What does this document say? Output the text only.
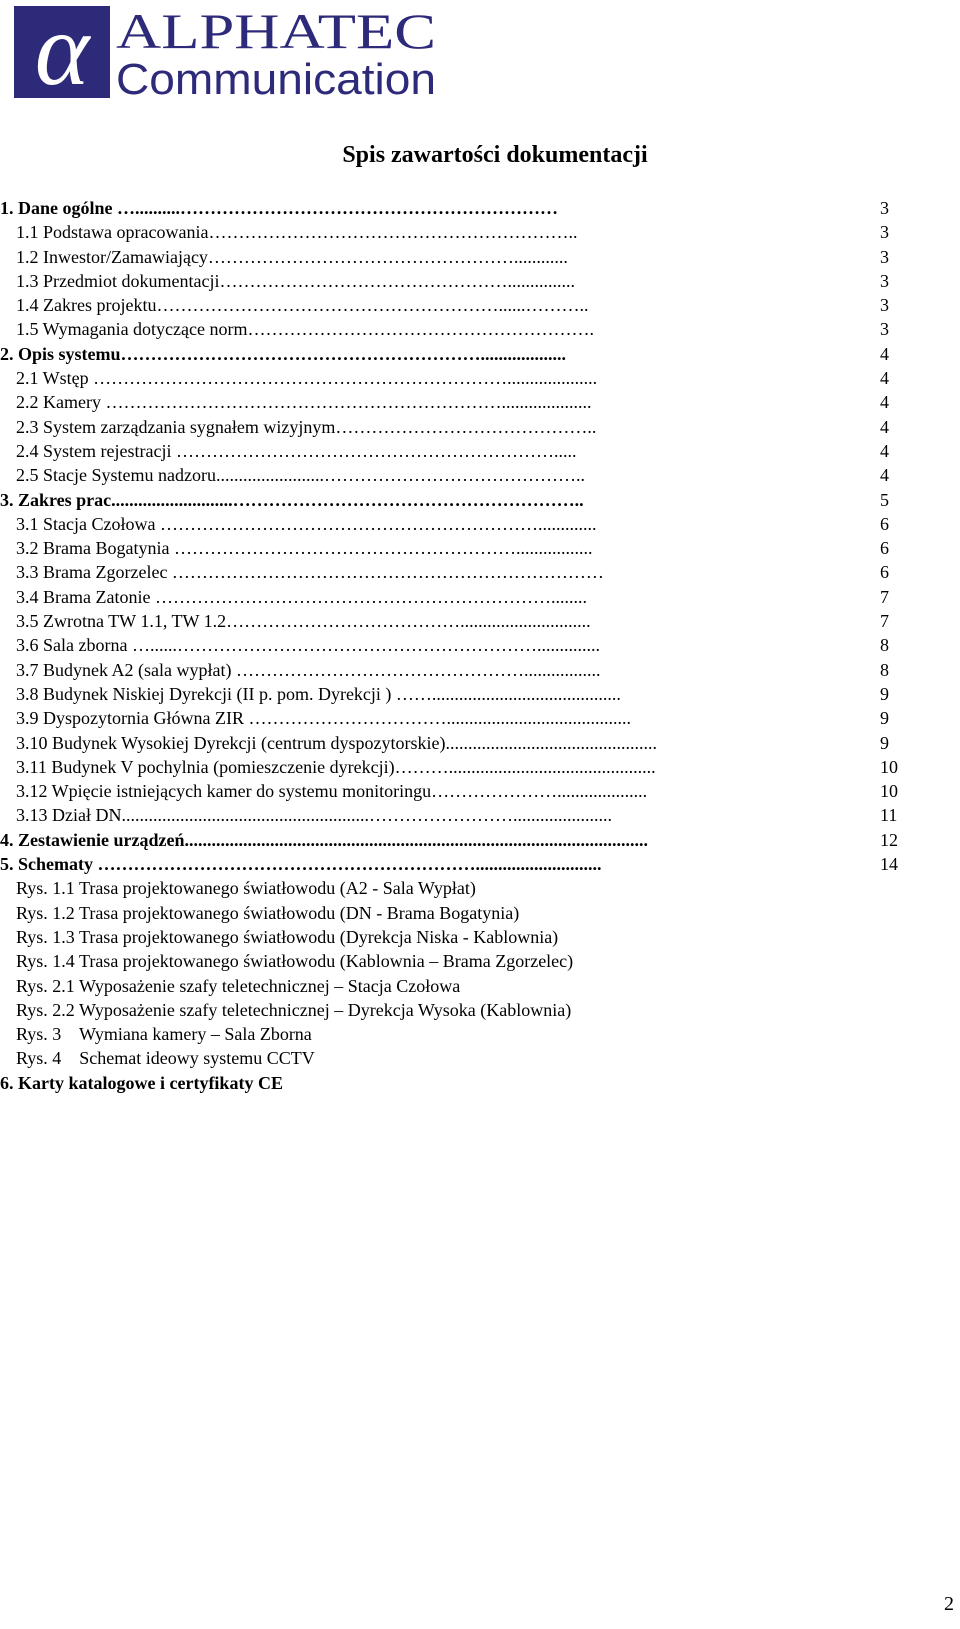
α ALPHATEC
Communication
Spis zawartości dokumentacji
1. Dane ogólne …..........………………………………………………………	3
1.1 Podstawa opracowania……………………………………………………..	3
1.2 Inwestor/Zamawiający……………………………………………............	3
1.3 Przedmiot dokumentacji…………………………………………...............	3
1.4 Zakres projektu…………………………………………………......………..	3
1.5 Wymagania dotyczące norm………………………………………………….	3
2. Opis systemu……………………………………………………...................	4
2.1 Wstęp ……………………………………………………………....................	4
2.2 Kamery …………………………………………………………....................	4
2.3 System zarządzania sygnałem wizyjnym……………………………………..	4
2.4 System rejestracji ……………………………………………………….....	4
2.5 Stacje Systemu nadzoru........................……………………………………..	4
3. Zakres prac...........................…………………………………………………..	5
3.1 Stacja Czołowa ……………………………………………………….............	6
3.2 Brama Bogatynia ………………………………………………….................	6
3.3 Brama Zgorzelec ………………………………………………………………	6
3.4 Brama Zatonie …………………………………………………………........	7
3.5 Zwrotna TW 1.1, TW 1.2………………………………….............................	7
3.6 Sala zborna …......……………………………………………………..............	8
3.7 Budynek A2 (sala wypłat) ………………………………………….................	8
3.8 Budynek Niskiej Dyrekcji (II p. pom. Dyrekcji ) ……..........................................	9
3.9 Dyspozytornia Główna ZIR …………………………….........................................	9
3.10 Budynek Wysokiej Dyrekcji (centrum dyspozytorskie)...............................................	9
3.11 Budynek V pochylnia (pomieszczenie dyrekcji)………..............................................	10
3.12 Wpięcie istniejących kamer do systemu monitoringu…………………....................	10
3.13 Dział DN.......................................................……………………......................	11
4. Zestawienie urządzeń.......................................................................................................	12
5. Schematy ………………………………………………………............................	14
Rys. 1.1 Trasa projektowanego światłowodu (A2 - Sala Wypłat)
Rys. 1.2 Trasa projektowanego światłowodu (DN - Brama Bogatynia)
Rys. 1.3 Trasa projektowanego światłowodu (Dyrekcja Niska - Kablownia)
Rys. 1.4 Trasa projektowanego światłowodu (Kablownia – Brama Zgorzelec)
Rys. 2.1 Wyposażenie szafy teletechnicznej – Stacja Czołowa
Rys. 2.2 Wyposażenie szafy teletechnicznej – Dyrekcja Wysoka (Kablownia)
Rys. 3    Wymiana kamery – Sala Zborna
Rys. 4    Schemat ideowy systemu CCTV
6. Karty katalogowe i certyfikaty CE
2
